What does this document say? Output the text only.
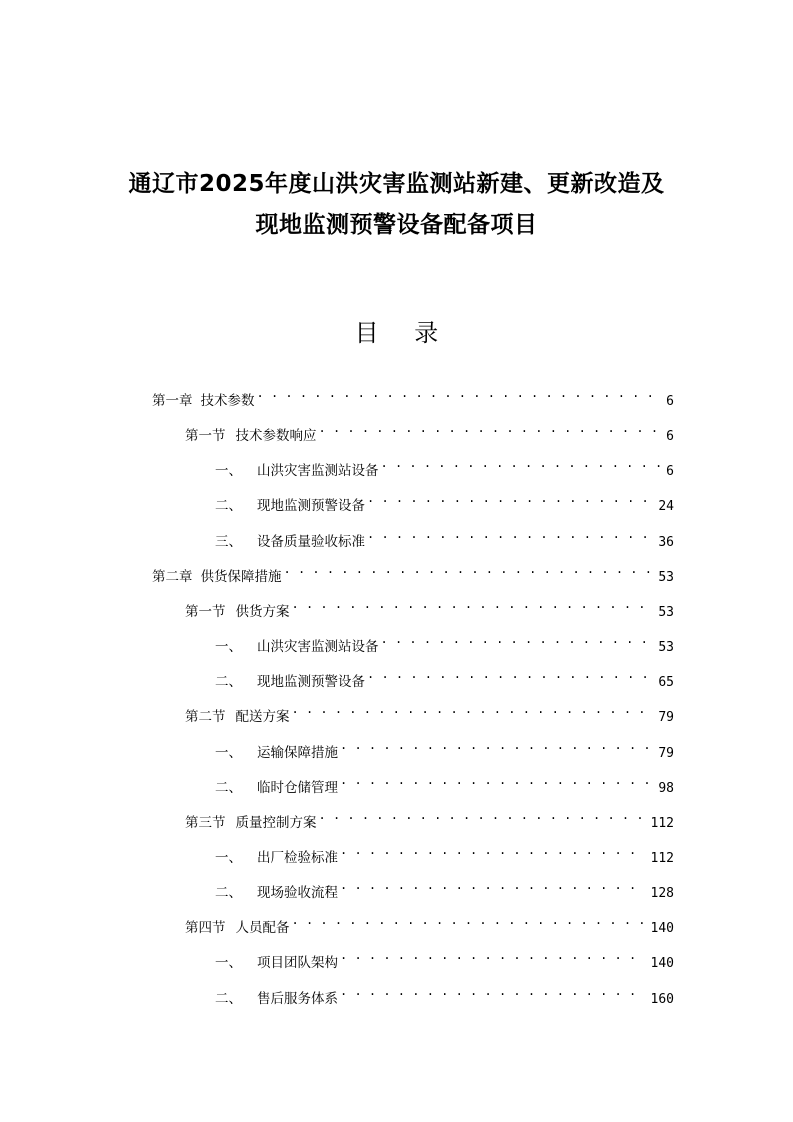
通辽市2025年度山洪灾害监测站新建、更新改造及
现地监测预警设备配备项目
目 录
第一章 技术参数 . . .	6
第一节 技术参数响应 . . .	6
一、	山洪灾害监测站设备 . . .	6
二、	现地监测预警设备 . . .	24
三、	设备质量验收标准 . . .	36
第二章 供货保障措施 . . .	53
第一节 供货方案 . . .	53
一、	山洪灾害监测站设备 . . .	53
二、	现地监测预警设备 . . .	65
第二节 配送方案 . . .	79
一、	运输保障措施 . . .	79
二、	临时仓储管理 . . .	98
第三节 质量控制方案 . . .	112
一、	出厂检验标准 . . .	112
二、	现场验收流程 . . .	128
第四节 人员配备 . . .	140
一、	项目团队架构 . . .	140
二、	售后服务体系 . . .	160
